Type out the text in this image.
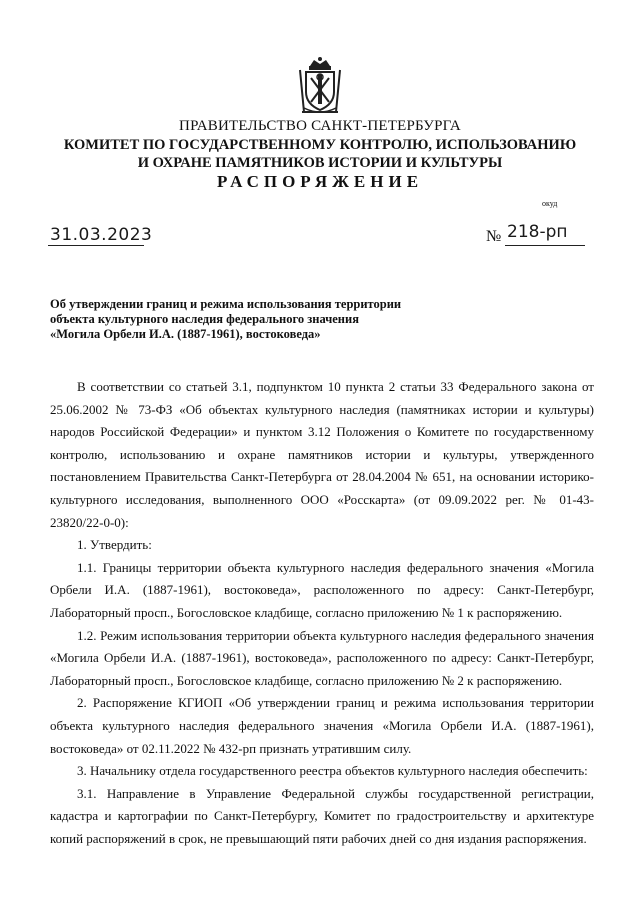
ПРАВИТЕЛЬСТВО САНКТ-ПЕТЕРБУРГА
КОМИТЕТ ПО ГОСУДАРСТВЕННОМУ КОНТРОЛЮ, ИСПОЛЬЗОВАНИЮ
И ОХРАНЕ ПАМЯТНИКОВ ИСТОРИИ И КУЛЬТУРЫ
РАСПОРЯЖЕНИЕ
окуд
31.03.2023	№ 218-рп
Об утверждении границ и режима использования территории
объекта культурного наследия федерального значения
«Могила Орбели И.А. (1887-1961), востоковеда»

В соответствии со статьей 3.1, подпунктом 10 пункта 2 статьи 33 Федерального закона от 25.06.2002 № 73-ФЗ «Об объектах культурного наследия (памятниках истории и культуры) народов Российской Федерации» и пунктом 3.12 Положения о Комитете по государственному контролю, использованию и охране памятников истории и культуры, утвержденного постановлением Правительства Санкт-Петербурга от 28.04.2004 № 651, на основании историко-культурного исследования, выполненного ООО «Росскарта» (от 09.09.2022 рег. № 01-43-23820/22-0-0):

1. Утвердить:

1.1. Границы территории объекта культурного наследия федерального значения «Могила Орбели И.А. (1887-1961), востоковеда», расположенного по адресу: Санкт-Петербург, Лабораторный просп., Богословское кладбище, согласно приложению № 1 к распоряжению.

1.2. Режим использования территории объекта культурного наследия федерального значения «Могила Орбели И.А. (1887-1961), востоковеда», расположенного по адресу: Санкт-Петербург, Лабораторный просп., Богословское кладбище, согласно приложению № 2 к распоряжению.

2. Распоряжение КГИОП «Об утверждении границ и режима использования территории объекта культурного наследия федерального значения «Могила Орбели И.А. (1887-1961), востоковеда» от 02.11.2022 № 432-рп признать утратившим силу.

3. Начальнику отдела государственного реестра объектов культурного наследия обеспечить:

3.1. Направление в Управление Федеральной службы государственной регистрации, кадастра и картографии по Санкт-Петербургу, Комитет по градостроительству и архитектуре копий распоряжений в срок, не превышающий пяти рабочих дней со дня издания распоряжения.
